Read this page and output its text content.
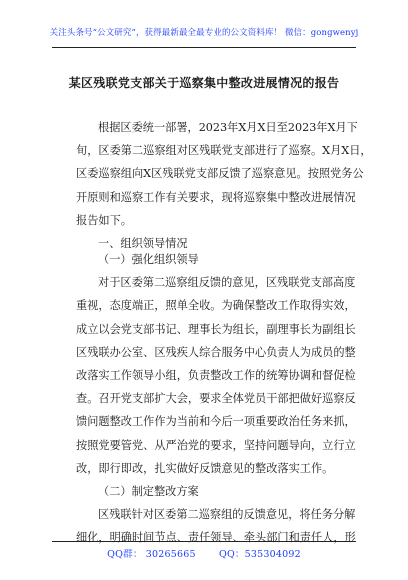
关注头条号“公文研究”，获得最新最全最专业的公文资料库！ 微信：gongwenyj
某区残联党支部关于巡察集中整改进展情况的报告
根据区委统一部署，2023年X月X日至2023年X月下
旬，区委第二巡察组对区残联党支部进行了巡察。X月X日，
区委巡察组向X区残联党支部反馈了巡察意见。按照党务公
开原则和巡察工作有关要求，现将巡察集中整改进展情况
报告如下。
一、组织领导情况
（一）强化组织领导
对于区委第二巡察组反馈的意见，区残联党支部高度
重视，态度端正，照单全收。为确保整改工作取得实效，
成立以会党支部书记、理事长为组长，副理事长为副组长
区残联办公室、区残疾人综合服务中心负责人为成员的整
改落实工作领导小组，负责整改工作的统筹协调和督促检
查。召开党支部扩大会，要求全体党员干部把做好巡察反
馈问题整改工作作为当前和今后一项重要政治任务来抓，
按照党要管党、从严治党的要求，坚持问题导向，立行立
改，即行即改，扎实做好反馈意见的整改落实工作。
（二）制定整改方案
区残联针对区委第二巡察组的反馈意见，将任务分解
细化，明确时间节点、责任领导、牵头部门和责任人，形
QQ群： 30265665 QQ：535304092
